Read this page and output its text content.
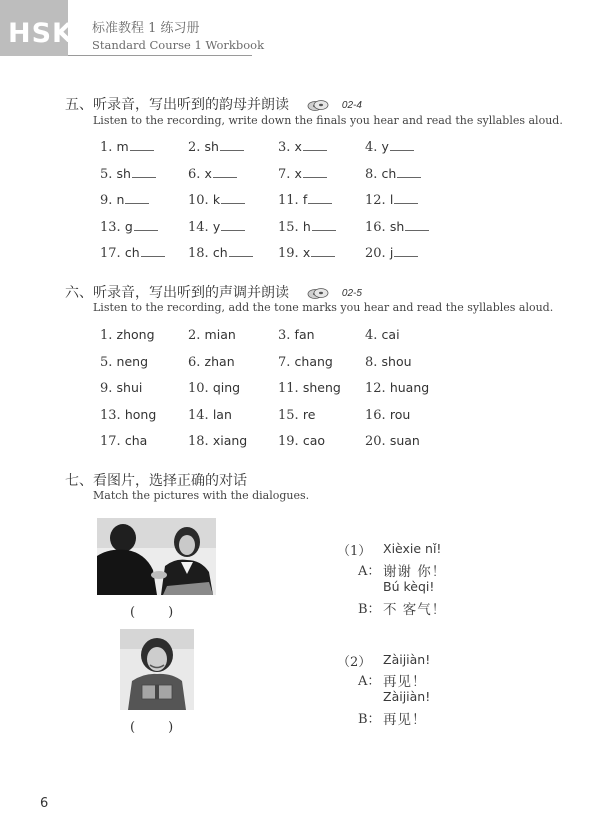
HSK 标准教程 1 练习册
Standard Course 1 Workbook
五、听录音，写出听到的韵母并朗读	02-4
Listen to the recording, write down the finals you hear and read the syllables aloud.
1. m	2. sh	3. x	4. y
5. sh	6. x	7. x	8. ch
9. n	10. k	11. f	12. l
13. g	14. y	15. h	16. sh
17. ch	18. ch	19. x	20. j
六、听录音，写出听到的声调并朗读	02-5
Listen to the recording, add the tone marks you hear and read the syllables aloud.
1. zhong	2. mian	3. fan	4. cai
5. neng	6. zhan	7. chang 8. shou
9. shui	10. qing	11. sheng 12. huang
13. hong 14. lan	15. re	16. rou
17. cha	18. xiang 19. cao	20. suan
七、看图片，选择正确的对话
Match the pictures with the dialogues.
(        )
(        )
（1） Xièxie nǐ!
A： 谢谢 你！
Bú kèqi!
B： 不 客气！
（2） Zàijiàn!
A： 再见！
Zàijiàn!
B： 再见！
6
